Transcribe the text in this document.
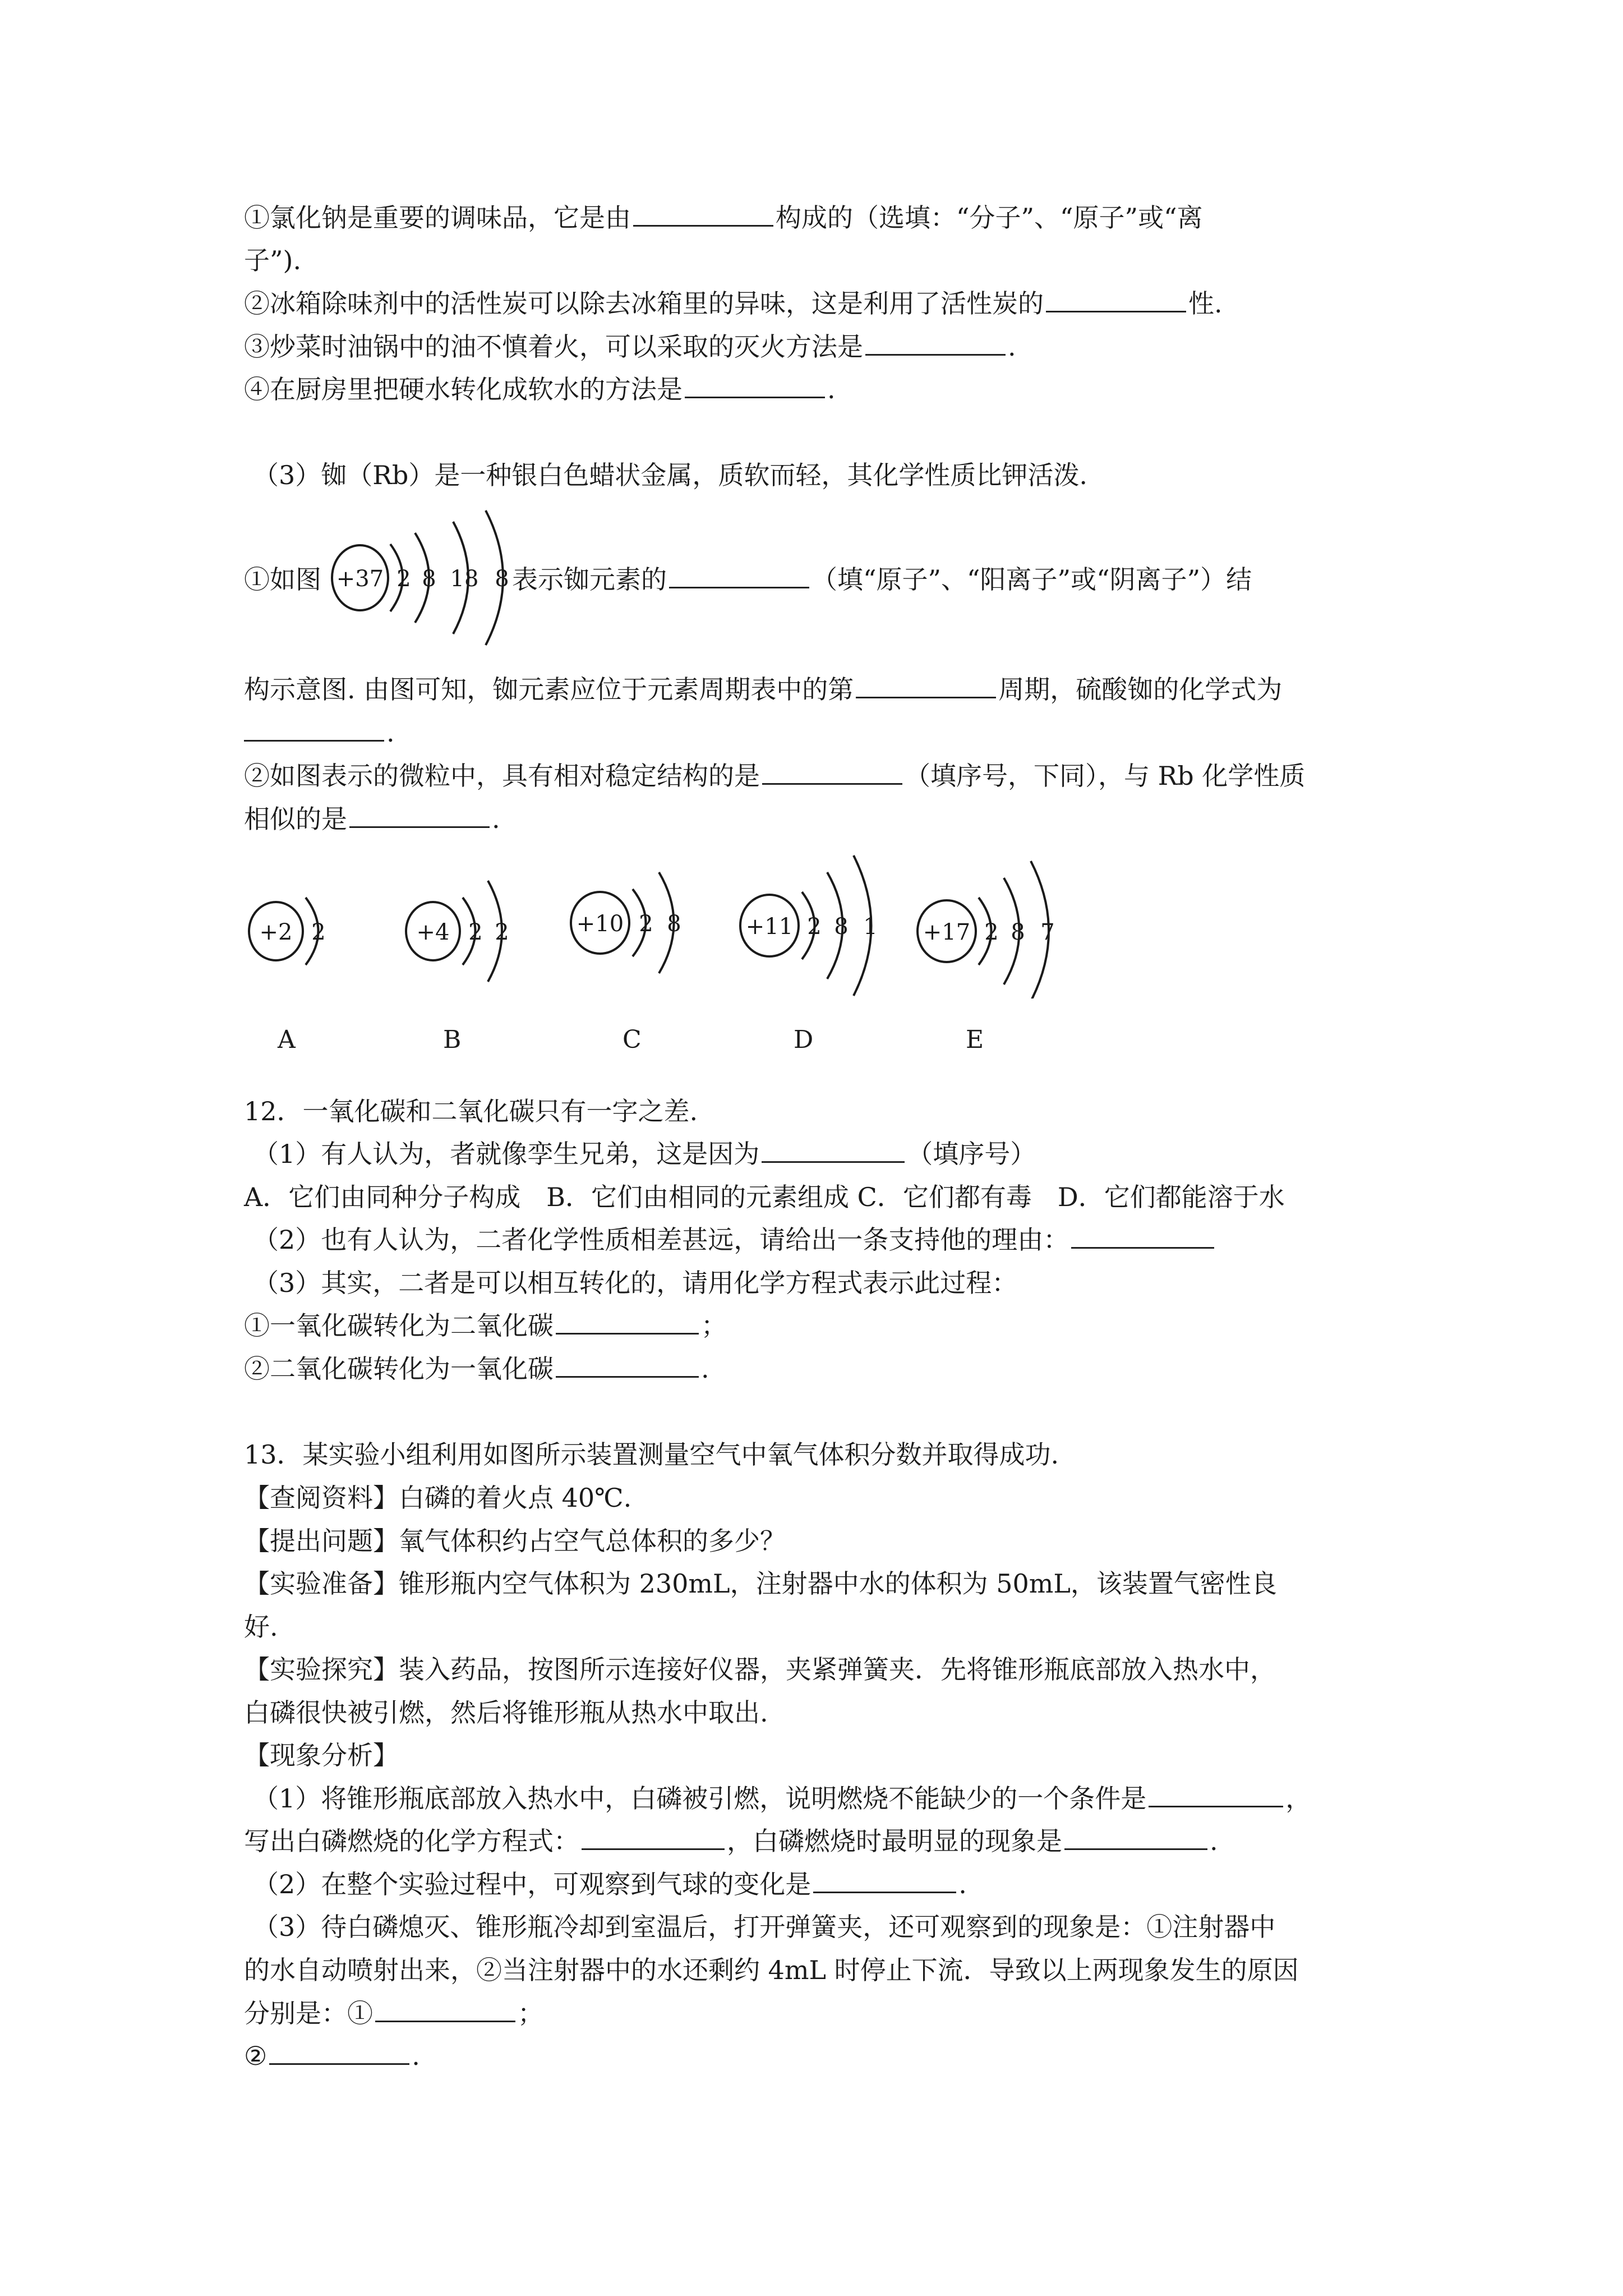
①氯化钠是重要的调味品，它是由	构成的（选填：“分子”、“原子”或“离
子”).
②冰箱除味剂中的活性炭可以除去冰箱里的异味，这是利用了活性炭的	性.
③炒菜时油锅中的油不慎着火，可以采取的灭火方法是	.
④在厨房里把硬水转化成软水的方法是	.
（3）铷（Rb）是一种银白色蜡状金属，质软而轻，其化学性质比钾活泼.
①如图	表示铷元素的	（填“原子”、“阳离子”或“阴离子”）结
+37 2 8 18 8
构示意图. 由图可知，铷元素应位于元素周期表中的第	周期，硫酸铷的化学式为
.
②如图表示的微粒中，具有相对稳定结构的是	（填序号，下同），与 Rb 化学性质
相似的是	.
+2 2	+4 2 2	+10 2 8	+11 2 8 1 +17 2 8 7
A	B	C	D	E
12．一氧化碳和二氧化碳只有一字之差.
（1）有人认为，者就像孪生兄弟，这是因为	（填序号）
A．它们由同种分子构成　B．它们由相同的元素组成 C．它们都有毒　D．它们都能溶于水
（2）也有人认为，二者化学性质相差甚远，请给出一条支持他的理由：
（3）其实，二者是可以相互转化的，请用化学方程式表示此过程：
①一氧化碳转化为二氧化碳	；
②二氧化碳转化为一氧化碳	.
13．某实验小组利用如图所示装置测量空气中氧气体积分数并取得成功.
【查阅资料】白磷的着火点 40℃.
【提出问题】氧气体积约占空气总体积的多少？
【实验准备】锥形瓶内空气体积为 230mL，注射器中水的体积为 50mL，该装置气密性良
好.
【实验探究】装入药品，按图所示连接好仪器，夹紧弹簧夹．先将锥形瓶底部放入热水中，
白磷很快被引燃，然后将锥形瓶从热水中取出.
【现象分析】
（1）将锥形瓶底部放入热水中，白磷被引燃，说明燃烧不能缺少的一个条件是	，
写出白磷燃烧的化学方程式：	，白磷燃烧时最明显的现象是	.
（2）在整个实验过程中，可观察到气球的变化是	.
（3）待白磷熄灭、锥形瓶冷却到室温后，打开弹簧夹，还可观察到的现象是：①注射器中
的水自动喷射出来，②当注射器中的水还剩约 4mL 时停止下流．导致以上两现象发生的原因
分别是：①	；
②	.
